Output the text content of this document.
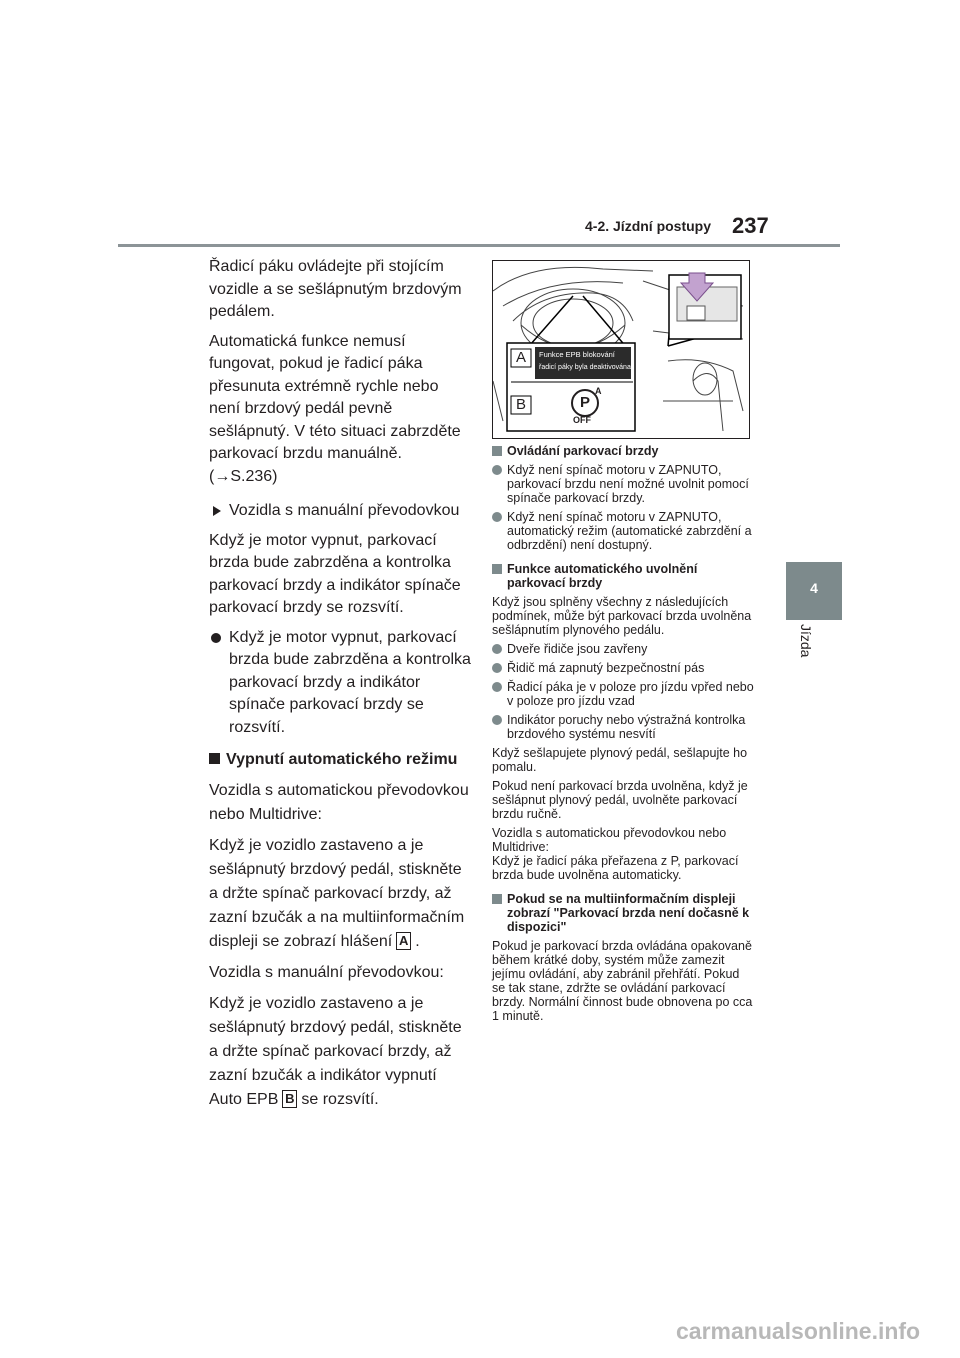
4-2. Jízdní postupy 237
4
Jízda

Řadicí páku ovládejte při stojícím vozidle a se sešlápnutým brzdovým pedálem.

Automatická funkce nemusí fungovat, pokud je řadicí páka přesunuta extrémně rychle nebo není brzdový pedál pevně sešlápnutý. V této situaci zabrzděte parkovací brzdu manuálně. (→S.236)

Vozidla s manuální převodovkou

Když je motor vypnut, parkovací brzda bude zabrzděna a kontrolka parkovací brzdy a indikátor spínače parkovací brzdy se rozsvítí.

Když je motor vypnut, parkovací brzda bude zabrzděna a kontrolka parkovací brzdy a indikátor spínače parkovací brzdy se rozsvítí.

Vypnutí automatického režimu

Vozidla s automatickou převodovkou nebo Multidrive:

Když je vozidlo zastaveno a je sešlápnutý brzdový pedál, stiskněte a držte spínač parkovací brzdy, až zazní bzučák a na multiinformačním displeji se zobrazí hlášení A .

Vozidla s manuální převodovkou:

Když je vozidlo zastaveno a je sešlápnutý brzdový pedál, stiskněte a držte spínač parkovací brzdy, až zazní bzučák a indikátor vypnutí Auto EPB B se rozsvítí.

A
B
Funkce EPB blokování
řadicí páky byla deaktivována
P
A
OFF

Ovládání parkovací brzdy

Když není spínač motoru v ZAPNUTO, parkovací brzdu není možné uvolnit pomocí spínače parkovací brzdy.

Když není spínač motoru v ZAPNUTO, automatický režim (automatické zabrzdění a odbrzdění) není dostupný.

Funkce automatického uvolnění parkovací brzdy

Když jsou splněny všechny z následujících podmínek, může být parkovací brzda uvolněna sešlápnutím plynového pedálu.

Dveře řidiče jsou zavřeny

Řidič má zapnutý bezpečnostní pás

Řadicí páka je v poloze pro jízdu vpřed nebo v poloze pro jízdu vzad

Indikátor poruchy nebo výstražná kontrolka brzdového systému nesvítí

Když sešlapujete plynový pedál, sešlapujte ho pomalu.

Pokud není parkovací brzda uvolněna, když je sešlápnut plynový pedál, uvolněte parkovací brzdu ručně.

Vozidla s automatickou převodovkou nebo Multidrive:

Když je řadicí páka přeřazena z P, parkovací brzda bude uvolněna automaticky.

Pokud se na multiinformačním displeji zobrazí "Parkovací brzda není dočasně k dispozici"

Pokud je parkovací brzda ovládána opakovaně během krátké doby, systém může zamezit jejímu ovládání, aby zabránil přehřátí. Pokud se tak stane, zdržte se ovládání parkovací brzdy. Normální činnost bude obnovena po cca 1 minutě.

carmanualsonline.info
